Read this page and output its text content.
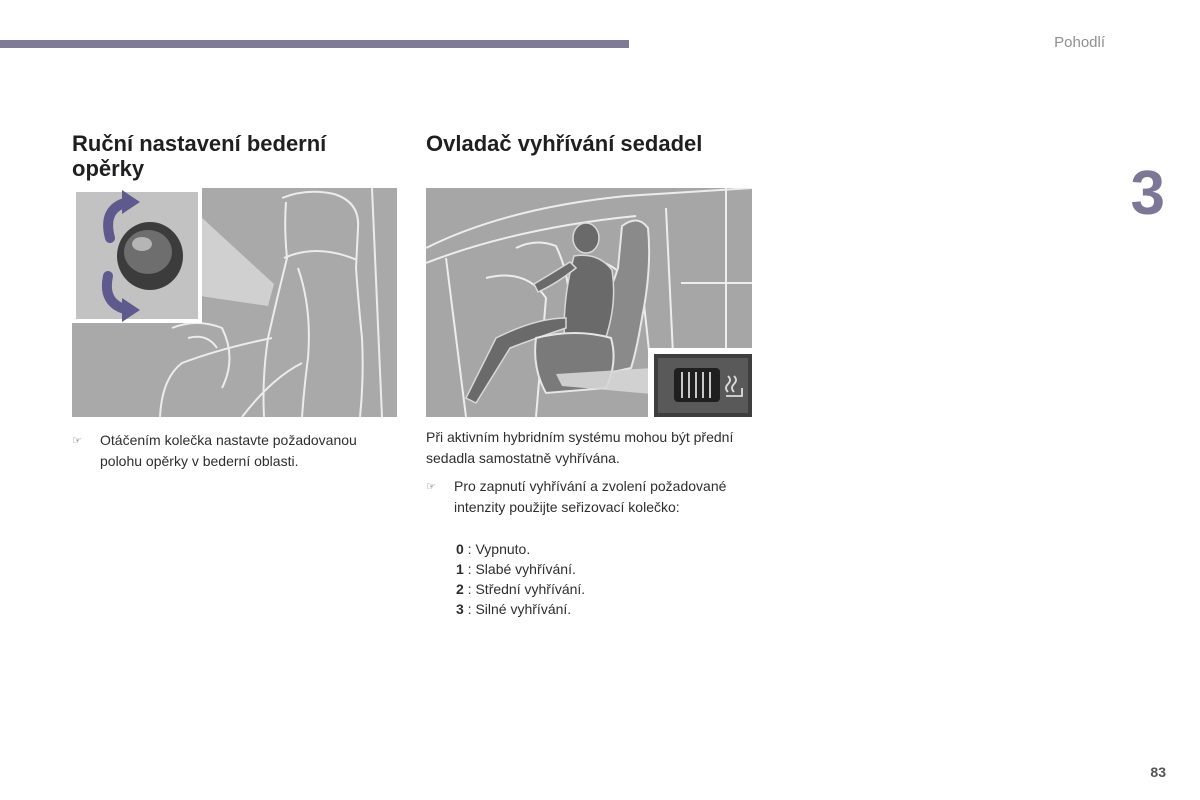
Pohodlí
3
83
Ruční nastavení bederní opěrky
☞	Otáčením kolečka nastavte požadovanou polohu opěrky v bederní oblasti.
Ovladač vyhřívání sedadel
Při aktivním hybridním systému mohou být přední sedadla samostatně vyhřívána.
☞	Pro zapnutí vyhřívání a zvolení požadované intenzity použijte seřizovací kolečko:
0 : Vypnuto.
1 : Slabé vyhřívání.
2 : Střední vyhřívání.
3 : Silné vyhřívání.
